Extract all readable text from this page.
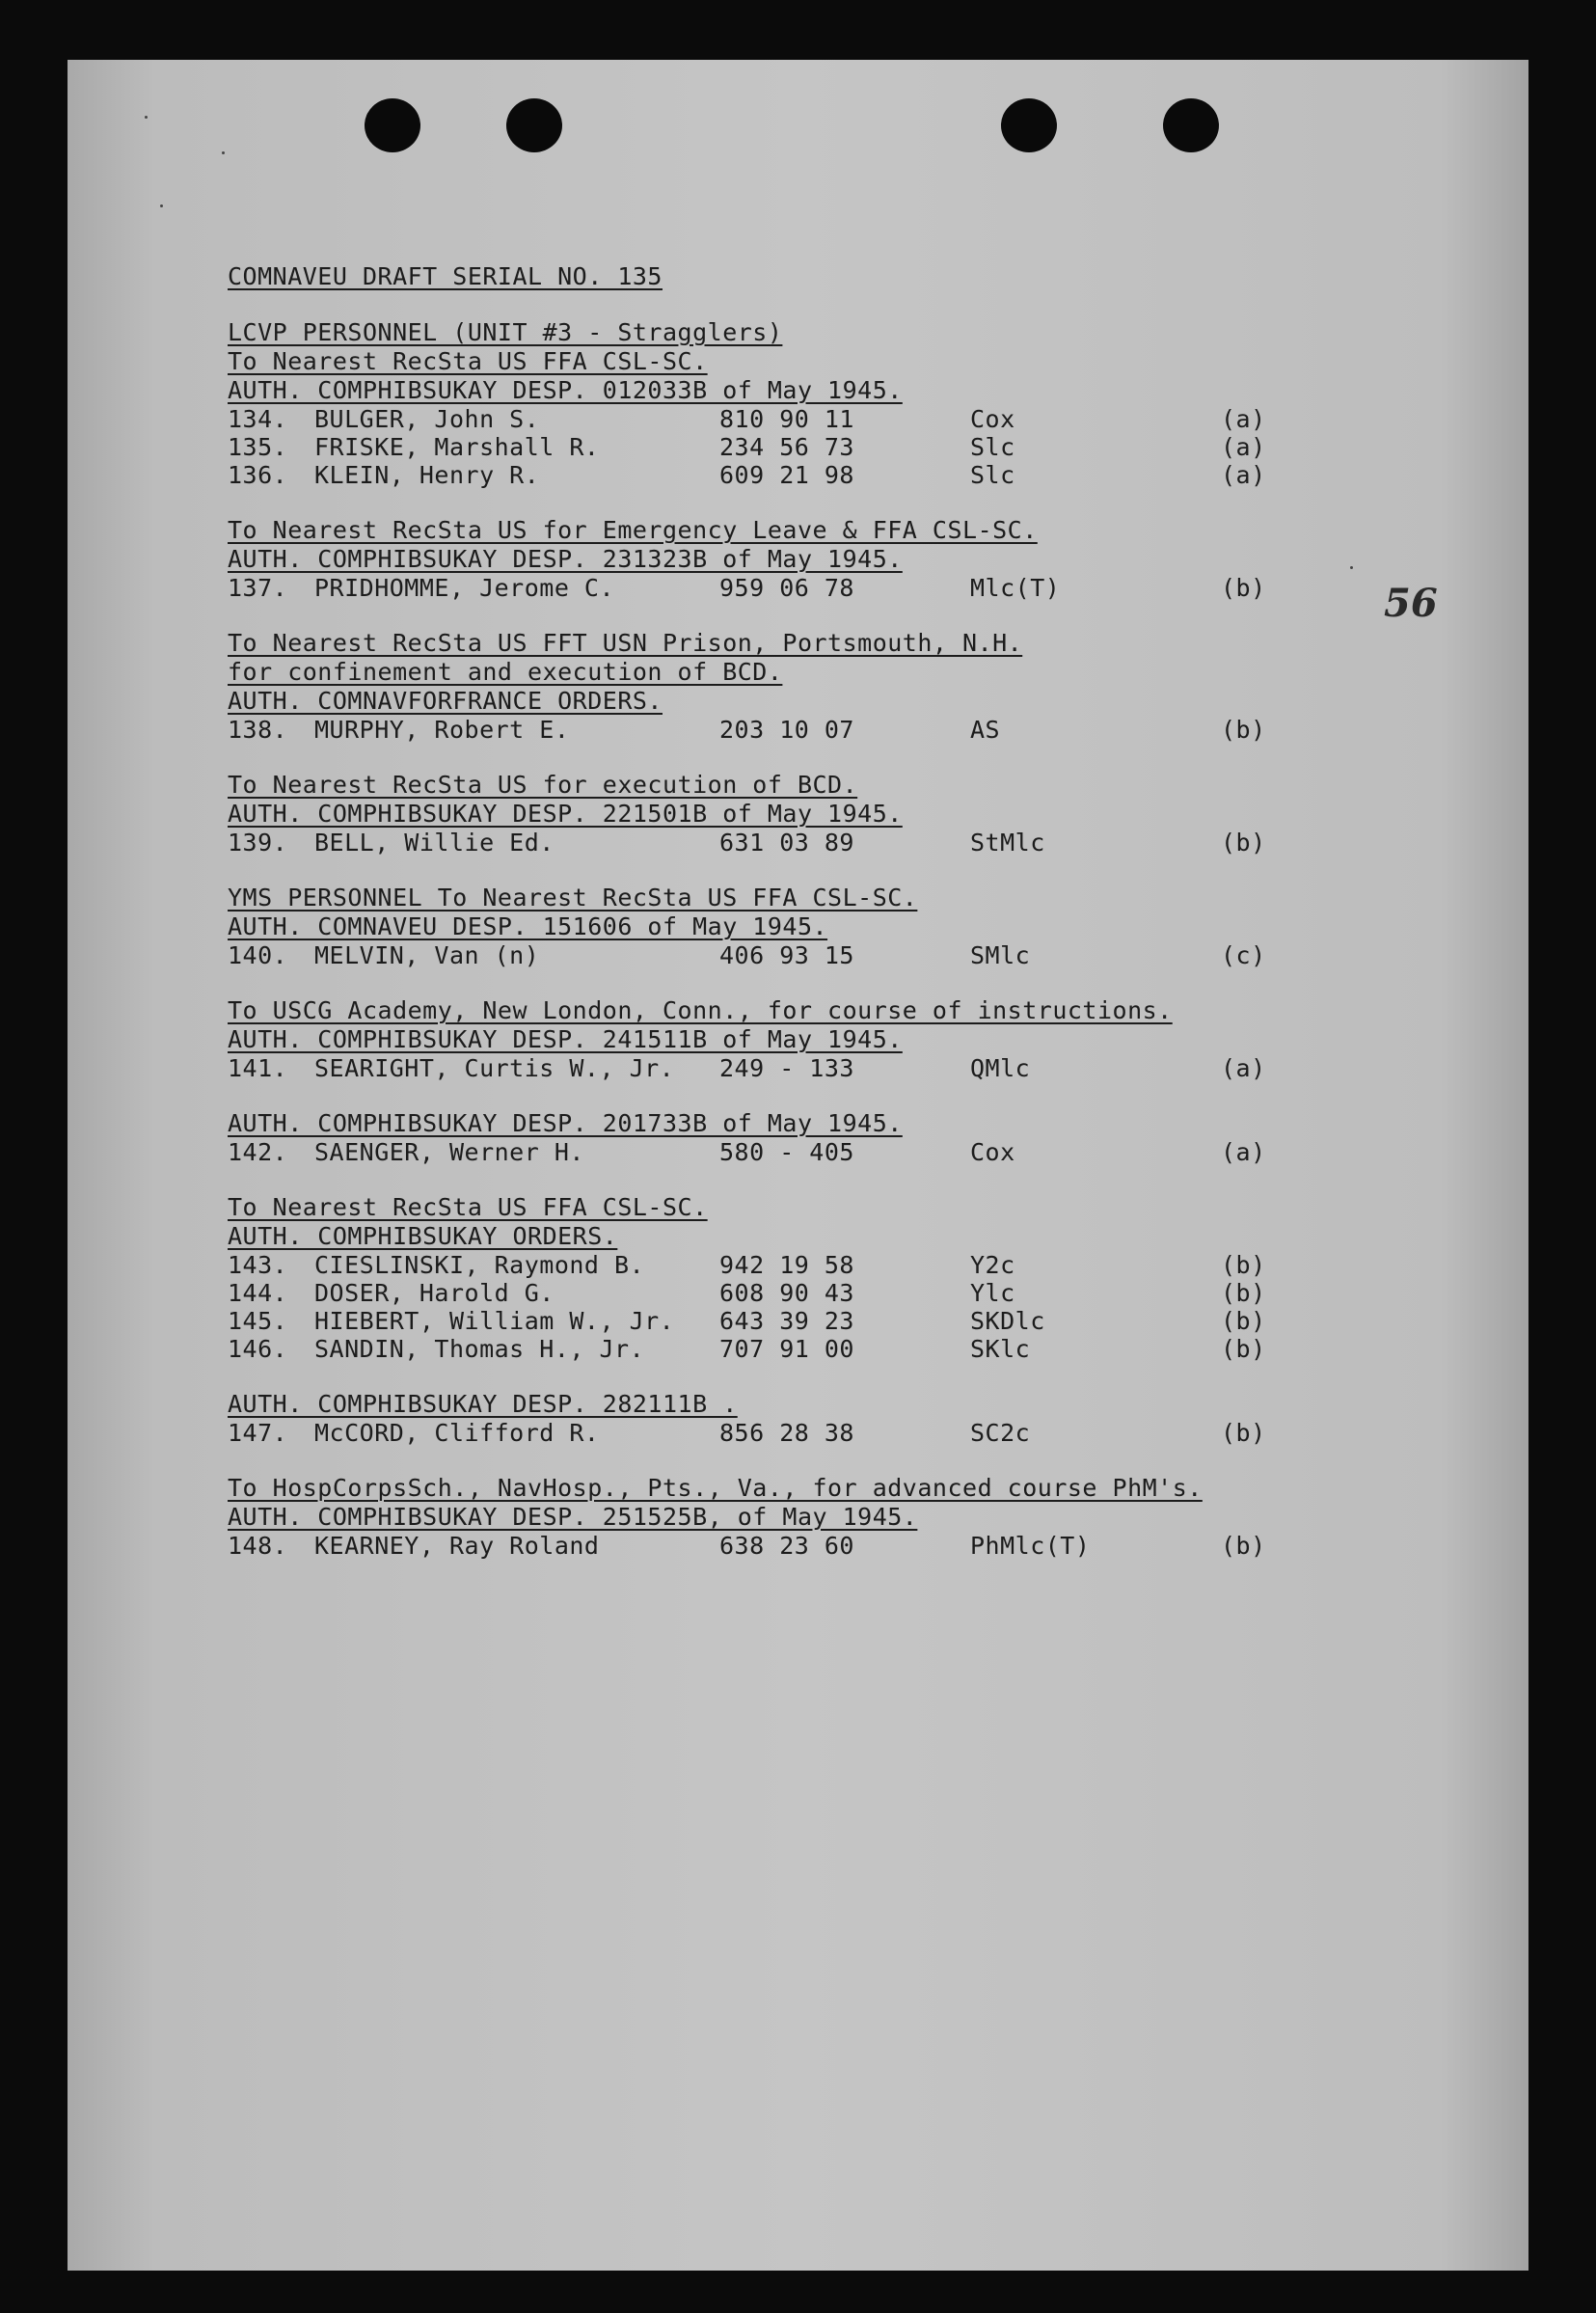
56
COMNAVEU DRAFT SERIAL NO. 135
LCVP PERSONNEL (UNIT #3 - Stragglers)
To Nearest RecSta US FFA CSL-SC.
AUTH. COMPHIBSUKAY DESP. 012033B of May 1945.
134. BULGER, John S.	810 90 11	Cox	(a)
135. FRISKE, Marshall R.	234 56 73	Slc	(a)
136. KLEIN, Henry R.	609 21 98	Slc	(a)
To Nearest RecSta US for Emergency Leave & FFA CSL-SC.
AUTH. COMPHIBSUKAY DESP. 231323B of May 1945.
137. PRIDHOMME, Jerome C.	959 06 78	Mlc(T)	(b)
To Nearest RecSta US FFT USN Prison, Portsmouth, N.H.
for confinement and execution of BCD.
AUTH. COMNAVFORFRANCE ORDERS.
138. MURPHY, Robert E.	203 10 07	AS	(b)
To Nearest RecSta US for execution of BCD.
AUTH. COMPHIBSUKAY DESP. 221501B of May 1945.
139. BELL, Willie Ed.	631 03 89	StMlc	(b)
YMS PERSONNEL To Nearest RecSta US FFA CSL-SC.
AUTH. COMNAVEU DESP. 151606 of May 1945.
140. MELVIN, Van (n)	406 93 15	SMlc	(c)
To USCG Academy, New London, Conn., for course of instructions.
AUTH. COMPHIBSUKAY DESP. 241511B of May 1945.
141. SEARIGHT, Curtis W., Jr. 249 - 133	QMlc	(a)
AUTH. COMPHIBSUKAY DESP. 201733B of May 1945.
142. SAENGER, Werner H.	580 - 405	Cox	(a)
To Nearest RecSta US FFA CSL-SC.
AUTH. COMPHIBSUKAY ORDERS.
143. CIESLINSKI, Raymond B.	942 19 58	Y2c	(b)
144. DOSER, Harold G.	608 90 43	Ylc	(b)
145. HIEBERT, William W., Jr. 643 39 23	SKDlc	(b)
146. SANDIN, Thomas H., Jr.	707 91 00	SKlc	(b)
AUTH. COMPHIBSUKAY DESP. 282111B .
147. McCORD, Clifford R.	856 28 38	SC2c	(b)
To HospCorpsSch., NavHosp., Pts., Va., for advanced course PhM's.
AUTH. COMPHIBSUKAY DESP. 251525B, of May 1945.
148. KEARNEY, Ray Roland	638 23 60	PhMlc(T)	(b)
